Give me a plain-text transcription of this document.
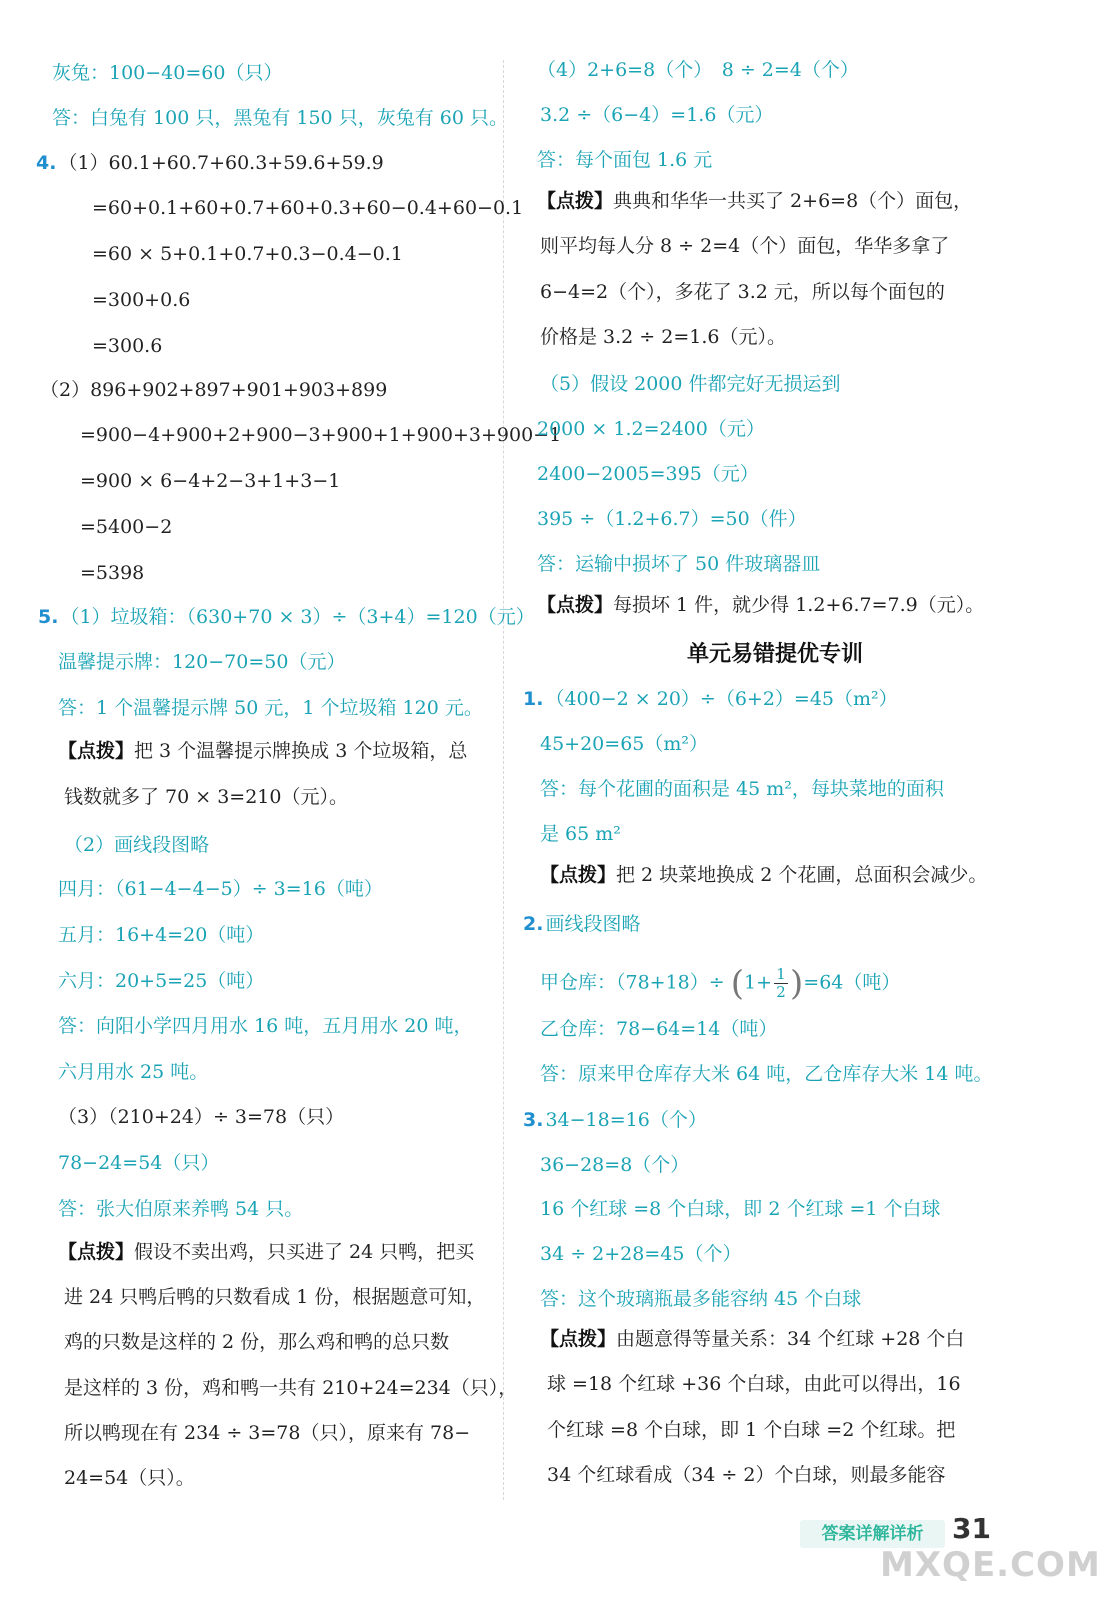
灰兔：100−40=60（只）
答：白兔有 100 只，黑兔有 150 只，灰兔有 60 只。
4. （1）60.1+60.7+60.3+59.6+59.9
=60+0.1+60+0.7+60+0.3+60−0.4+60−0.1
=60 × 5+0.1+0.7+0.3−0.4−0.1
=300+0.6
=300.6
（2）896+902+897+901+903+899
=900−4+900+2+900−3+900+1+900+3+900−1
=900 × 6−4+2−3+1+3−1
=5400−2
=5398
5. （1）垃圾箱：（630+70 × 3）÷（3+4）=120（元）
温馨提示牌：120−70=50（元）
答：1 个温馨提示牌 50 元，1 个垃圾箱 120 元。
【点拨】把 3 个温馨提示牌换成 3 个垃圾箱，总
钱数就多了 70 × 3=210（元）。
（2）画线段图略
四月：（61−4−4−5）÷ 3=16（吨）
五月：16+4=20（吨）
六月：20+5=25（吨）
答：向阳小学四月用水 16 吨，五月用水 20 吨，
六月用水 25 吨。
（3）（210+24）÷ 3=78（只）
78−24=54（只）
答：张大伯原来养鸭 54 只。
【点拨】假设不卖出鸡，只买进了 24 只鸭，把买
进 24 只鸭后鸭的只数看成 1 份，根据题意可知，
鸡的只数是这样的 2 份，那么鸡和鸭的总只数
是这样的 3 份，鸡和鸭一共有 210+24=234（只），
所以鸭现在有 234 ÷ 3=78（只），原来有 78−
24=54（只）。
（4）2+6=8（个）　8 ÷ 2=4（个）
3.2 ÷（6−4）=1.6（元）
答：每个面包 1.6 元
【点拨】典典和华华一共买了 2+6=8（个）面包，
则平均每人分 8 ÷ 2=4（个）面包，华华多拿了
6−4=2（个），多花了 3.2 元，所以每个面包的
价格是 3.2 ÷ 2=1.6（元）。
（5）假设 2000 件都完好无损运到
2000 × 1.2=2400（元）
2400−2005=395（元）
395 ÷（1.2+6.7）=50（件）
答：运输中损坏了 50 件玻璃器皿
【点拨】每损坏 1 件，就少得 1.2+6.7=7.9（元）。
1. （400−2 × 20）÷（6+2）=45（m²）
45+20=65（m²）
答：每个花圃的面积是 45 m²，每块菜地的面积
是 65 m²
【点拨】把 2 块菜地换成 2 个花圃，总面积会减少。
2. 画线段图略
甲仓库：$(78+18)\div (1+ \frac{1}{2} )=64$（吨）
乙仓库：78−64=14（吨）
答：原来甲仓库存大米 64 吨，乙仓库存大米 14 吨。
3. 34−18=16（个）
36−28=8（个）
16 个红球 =8 个白球，即 2 个红球 =1 个白球
34 ÷ 2+28=45（个）
答：这个玻璃瓶最多能容纳 45 个白球
【点拨】由题意得等量关系：34 个红球 +28 个白
球 =18 个红球 +36 个白球，由此可以得出，16
个红球 =8 个白球，即 1 个白球 =2 个红球。把
34 个红球看成（34 ÷ 2）个白球，则最多能容
单元易错提优专训
答案详解详析	31
MXQE.COM
